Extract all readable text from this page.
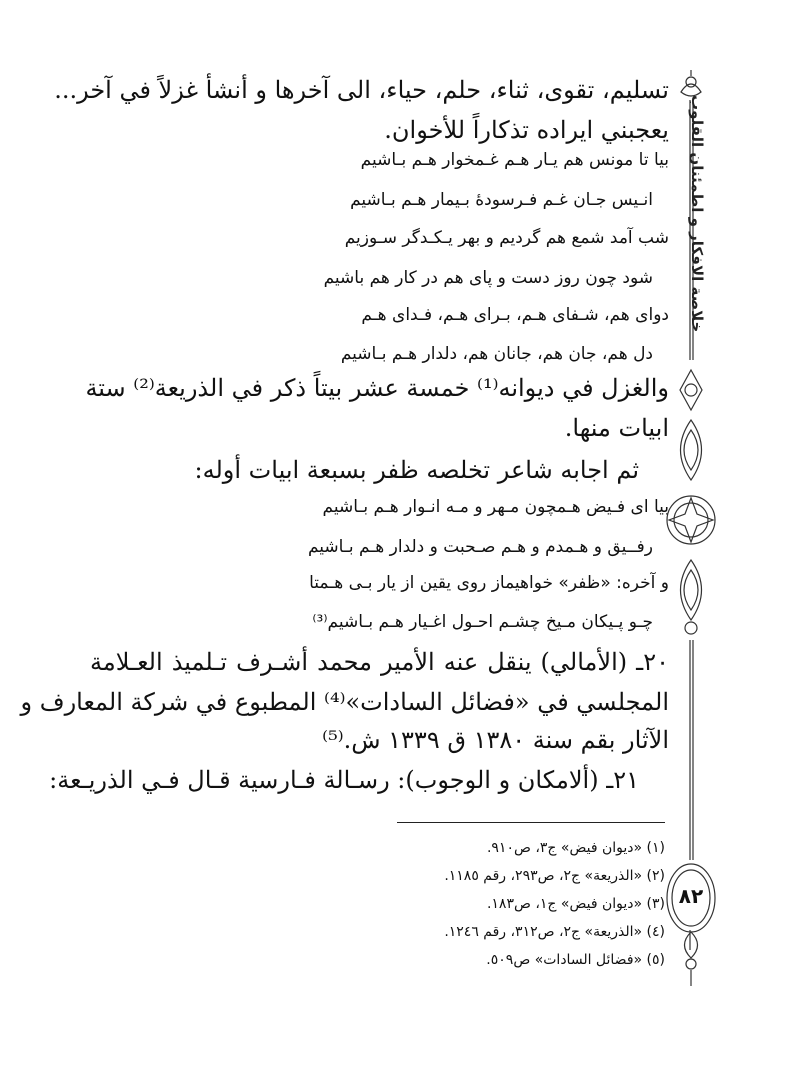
خلاصة الافكار و اطمئنان القلوب
٨٢
تسليم، تقوى، ثناء، حلم، حياء، الى آخرها و أنشأ غزلاً في آخر...
يعجبني ايراده تذكاراً للأخوان.
بيا تا مونس هم يـار هـم غـمخوار هـم بـاشيم
انـيس جـان غـم فـرسودهٔ بـيمار هـم بـاشيم
شب آمد شمع هم گرديم و بهر يـكـدگر سـوزيم
شود چون روز دست و پای هم در كار هم باشيم
دوای هم، شـفای هـم، بـرای هـم، فـدای هـم
دل هم، جان هم، جانان هم، دلدار هـم بـاشيم
والغزل في ديوانه⁽¹⁾ خمسة عشر بيتاً ذكر في الذريعة⁽²⁾ ستة
ابيات منها.
ثم اجابه شاعر تخلصه ظفر بسبعة ابيات أوله:
بيا ای فـيض هـمچون مـهر و مـه انـوار هـم بـاشيم
رفــيق و هـمدم و هـم صـحبت و دلدار هـم بـاشيم
و آخره: «ظفر» خواهيماز روی يقين از يار بـی هـمتا
چـو پـيكان مـيخ چشـم احـول اغـيار هـم بـاشيم⁽³⁾
٢٠ـ (الأمالي) ينقل عنه الأمير محمد أشـرف تـلميذ العـلامة
المجلسي في «فضائل السادات»⁽⁴⁾ المطبوع في شركة المعارف و
الآثار بقم سنة ١٣٨٠ ق ١٣٣٩ ش.⁽⁵⁾
٢١ـ (ألامكان و الوجوب): رسـالة فـارسية قـال فـي الذريـعة:
(١) «ديوان فيض» ج٣، ص٩١٠.
(٢) «الذريعة» ج٢، ص٢٩٣، رقم ١١٨٥.
(٣) «ديوان فيض» ج١، ص١٨٣.
(٤) «الذريعة» ج٢، ص٣١٢، رقم ١٢٤٦.
(٥) «فضائل السادات» ص٥٠٩.
